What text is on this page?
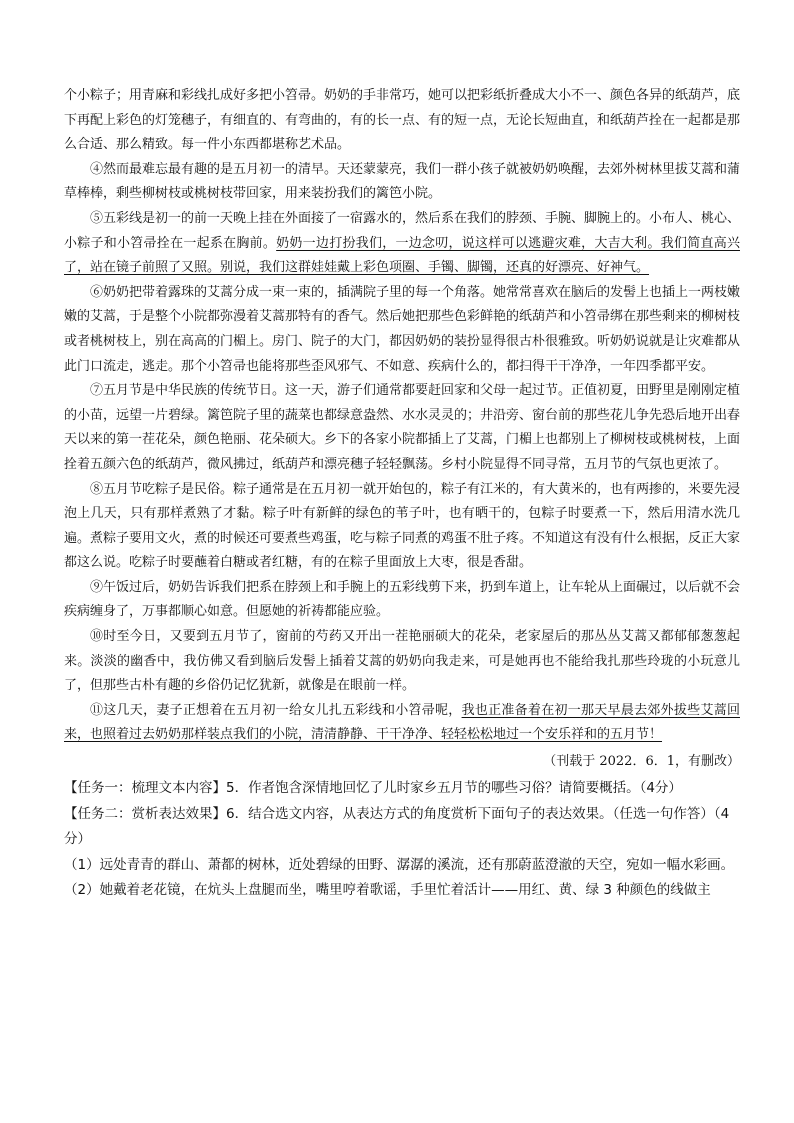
个小粽子；用青麻和彩线扎成好多把小笤帚。奶奶的手非常巧，她可以把彩纸折叠成大小不一、颜色各异的纸葫芦，底下再配上彩色的灯笼穗子，有细直的、有弯曲的，有的长一点、有的短一点，无论长短曲直，和纸葫芦拴在一起都是那么合适、那么精致。每一件小东西都堪称艺术品。

④然而最难忘最有趣的是五月初一的清早。天还蒙蒙亮，我们一群小孩子就被奶奶唤醒，去郊外树林里拔艾蒿和蒲草棒棒，剩些柳树枝或桃树枝带回家，用来装扮我们的篱笆小院。

⑤五彩线是初一的前一天晚上挂在外面接了一宿露水的，然后系在我们的脖颈、手腕、脚腕上的。小布人、桃心、小粽子和小笤帚拴在一起系在胸前。奶奶一边打扮我们，一边念叨，说这样可以逃避灾难，大吉大利。我们简直高兴了，站在镜子前照了又照。别说，我们这群娃娃戴上彩色项圈、手镯、脚镯，还真的好漂亮、好神气。

⑥奶奶把带着露珠的艾蒿分成一束一束的，插满院子里的每一个角落。她常常喜欢在脑后的发髻上也插上一两枝嫩嫩的艾蒿，于是整个小院都弥漫着艾蒿那特有的香气。然后她把那些色彩鲜艳的纸葫芦和小笤帚绑在那些剩来的柳树枝或者桃树枝上，别在高高的门楣上。房门、院子的大门，都因奶奶的装扮显得很古朴很雅致。听奶奶说就是让灾难都从此门口流走，逃走。那个小笤帚也能将那些歪风邪气、不如意、疾病什么的，都扫得干干净净，一年四季都平安。

⑦五月节是中华民族的传统节日。这一天，游子们通常都要赶回家和父母一起过节。正值初夏，田野里是刚刚定植的小苗，远望一片碧绿。篱笆院子里的蔬菜也都绿意盎然、水水灵灵的；井沿旁、窗台前的那些花儿争先恐后地开出春天以来的第一茬花朵，颜色艳丽、花朵硕大。乡下的各家小院都插上了艾蒿，门楣上也都别上了柳树枝或桃树枝，上面拴着五颜六色的纸葫芦，微风拂过，纸葫芦和漂亮穗子轻轻飘荡。乡村小院显得不同寻常，五月节的气氛也更浓了。

⑧五月节吃粽子是民俗。粽子通常是在五月初一就开始包的，粽子有江米的，有大黄米的，也有两掺的，米要先浸泡上几天，只有那样煮熟了才黏。粽子叶有新鲜的绿色的苇子叶，也有晒干的，包粽子时要煮一下，然后用清水洗几遍。煮粽子要用文火，煮的时候还可要煮些鸡蛋，吃与粽子同煮的鸡蛋不肚子疼。不知道这有没有什么根据，反正大家都这么说。吃粽子时要蘸着白糖或者红糖，有的在粽子里面放上大枣，很是香甜。

⑨午饭过后，奶奶告诉我们把系在脖颈上和手腕上的五彩线剪下来，扔到车道上，让车轮从上面碾过，以后就不会疾病缠身了，万事都顺心如意。但愿她的祈祷都能应验。

⑩时至今日，又要到五月节了，窗前的芍药又开出一茬艳丽硕大的花朵，老家屋后的那丛丛艾蒿又都郁郁葱葱起来。淡淡的幽香中，我仿佛又看到脑后发髻上插着艾蒿的奶奶向我走来，可是她再也不能给我扎那些玲珑的小玩意儿了，但那些古朴有趣的乡俗仍记忆犹新，就像是在眼前一样。

⑪这几天，妻子正想着在五月初一给女儿扎五彩线和小笤帚呢，我也正准备着在初一那天早晨去郊外拔些艾蒿回来，也照着过去奶奶那样装点我们的小院，清清静静、干干净净、轻轻松松地过一个安乐祥和的五月节！

（刊载于 2022．6．1，有删改）

【任务一：梳理文本内容】5．作者饱含深情地回忆了儿时家乡五月节的哪些习俗？请简要概括。（4分）

【任务二：赏析表达效果】6．结合选文内容，从表达方式的角度赏析下面句子的表达效果。（任选一句作答）（4分）

（1）远处青青的群山、萧都的树林，近处碧绿的田野、潺潺的溪流，还有那蔚蓝澄澈的天空，宛如一幅水彩画。

（2）她戴着老花镜，在炕头上盘腿而坐，嘴里哼着歌谣，手里忙着活计——用红、黄、绿 3 种颜色的线做主
